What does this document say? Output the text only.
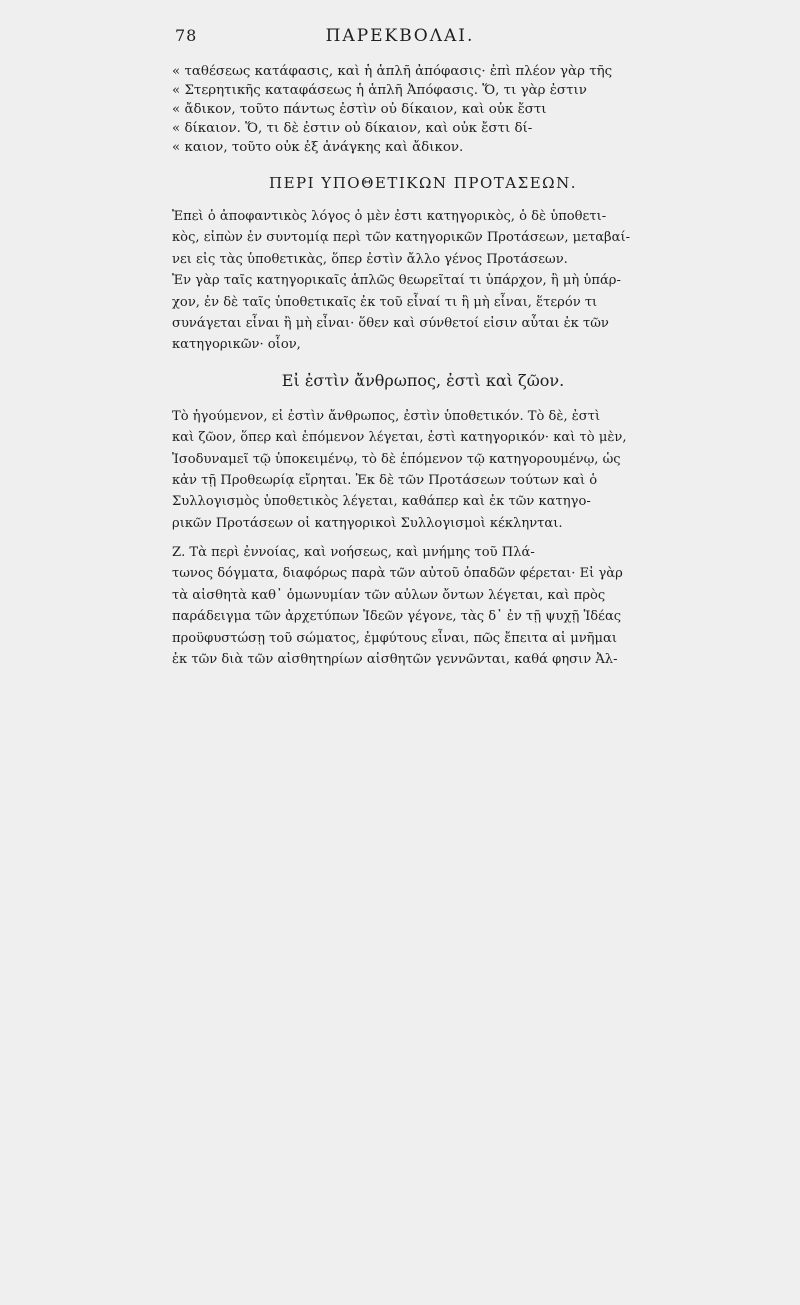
78	ΠΑΡΕΚΒΟΛΑΙ.
« ταθέσεως κατάφασις, καὶ ἡ ἁπλῆ ἀπόφασις· ἐπὶ πλέον γὰρ τῆς
« Στερητικῆς καταφάσεως ἡ ἁπλῆ Ἀπόφασις. Ὅ, τι γὰρ ἐστιν
« ἄδικον, τοῦτο πάντως ἐστὶν οὐ δίκαιον, καὶ οὐκ ἔστι
« δίκαιον. Ὅ, τι δὲ ἐστιν οὐ δίκαιον, καὶ οὐκ ἔστι δί-
« καιον, τοῦτο οὐκ ἐξ ἀνάγκης καὶ ἄδικον.
ΠΕΡΙ ΥΠΟΘΕΤΙΚΩΝ ΠΡΟΤΑΣΕΩΝ.
Ἐπεὶ ὁ ἀποφαντικὸς λόγος ὁ μὲν ἐστι κατηγορικὸς, ὁ δὲ ὑποθετι-
κὸς, εἰπὼν ἐν συντομίᾳ περὶ τῶν κατηγορικῶν Προτάσεων, μεταβαί-
νει εἰς τὰς ὑποθετικὰς, ὅπερ ἐστὶν ἄλλο γένος Προτάσεων.
Ἐν γὰρ ταῖς κατηγορικαῖς ἁπλῶς θεωρεῖταί τι ὑπάρχον, ἢ μὴ ὑπάρ-
χον, ἐν δὲ ταῖς ὑποθετικαῖς ἐκ τοῦ εἶναί τι ἢ μὴ εἶναι, ἕτερόν τι
συνάγεται εἶναι ἢ μὴ εἶναι· ὅθεν καὶ σύνθετοί εἰσιν αὗται ἐκ τῶν
κατηγορικῶν· οἷον,
Εἰ ἐστὶν ἄνθρωπος, ἐστὶ καὶ ζῶον.
Τὸ ἡγούμενον, εἰ ἐστὶν ἄνθρωπος, ἐστὶν ὑποθετικόν. Τὸ δὲ, ἐστὶ
καὶ ζῶον, ὅπερ καὶ ἑπόμενον λέγεται, ἐστὶ κατηγορικόν· καὶ τὸ μὲν,
Ἰσοδυναμεῖ τῷ ὑποκειμένῳ, τὸ δὲ ἑπόμενον τῷ κατηγορουμένῳ, ὡς
κἀν τῇ Προθεωρίᾳ εἴρηται. Ἐκ δὲ τῶν Προτάσεων τούτων καὶ ὁ
Συλλογισμὸς ὑποθετικὸς λέγεται, καθάπερ καὶ ἐκ τῶν κατηγο-
ρικῶν Προτάσεων οἱ κατηγορικοὶ Συλλογισμοὶ κέκληνται.
Ζ. Τὰ περὶ ἐννοίας, καὶ νοήσεως, καὶ μνήμης τοῦ Πλά-
τωνος δόγματα, διαφόρως παρὰ τῶν αὐτοῦ ὀπαδῶν φέρεται· Εἰ γὰρ
τὰ αἰσθητὰ καθ᾽ ὁμωνυμίαν τῶν αὐλων ὄντων λέγεται, καὶ πρὸς
παράδειγμα τῶν ἀρχετύπων Ἰδεῶν γέγονε, τὰς δ᾽ ἐν τῇ ψυχῇ Ἰδέας
προϋφυστώσῃ τοῦ σώματος, ἐμφύτους εἶναι, πῶς ἔπειτα αἱ μνῆμαι
ἐκ τῶν διὰ τῶν αἰσθητηρίων αἰσθητῶν γεννῶνται, καθά φησιν Ἀλ-
